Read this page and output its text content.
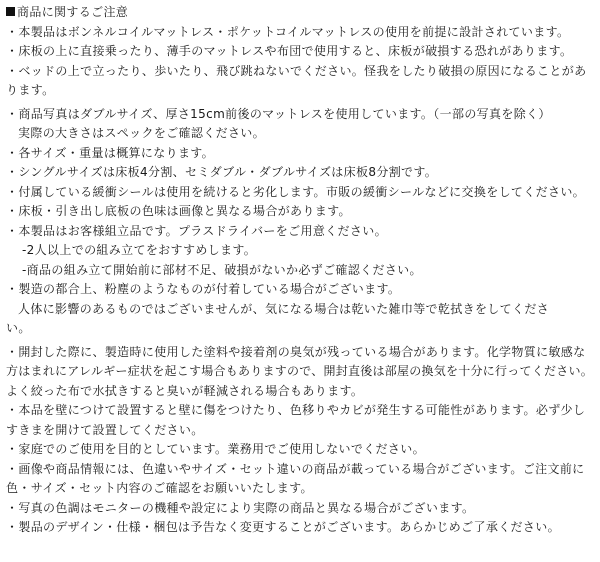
商品に関するご注意
・本製品はボンネルコイルマットレス・ポケットコイルマットレスの使用を前提に設計されています。
・床板の上に直接乗ったり、薄手のマットレスや布団で使用すると、床板が破損する恐れがあります。
・ベッドの上で立ったり、歩いたり、飛び跳ねないでください。怪我をしたり破損の原因になることがあ
ります。
・商品写真はダブルサイズ、厚さ15cm前後のマットレスを使用しています。（一部の写真を除く）
実際の大きさはスペックをご確認ください。
・各サイズ・重量は概算になります。
・シングルサイズは床板4分割、セミダブル・ダブルサイズは床板8分割です。
・付属している緩衝シールは使用を続けると劣化します。市販の緩衝シールなどに交換をしてください。
・床板・引き出し底板の色味は画像と異なる場合があります。
・本製品はお客様組立品です。プラスドライバーをご用意ください。
-2人以上での組み立てをおすすめします。
-商品の組み立て開始前に部材不足、破損がないか必ずご確認ください。
・製造の都合上、粉塵のようなものが付着している場合がございます。
人体に影響のあるものではございませんが、気になる場合は乾いた雑巾等で乾拭きをしてくださ
い。
・開封した際に、製造時に使用した塗料や接着剤の臭気が残っている場合があります。化学物質に敏感な
方はまれにアレルギー症状を起こす場合もありますので、開封直後は部屋の換気を十分に行ってください。
よく絞った布で水拭きすると臭いが軽減される場合もあります。
・本品を壁につけて設置すると壁に傷をつけたり、色移りやカビが発生する可能性があります。必ず少し
すきまを開けて設置してください。
・家庭でのご使用を目的としています。業務用でご使用しないでください。
・画像や商品情報には、色違いやサイズ・セット違いの商品が載っている場合がございます。ご注文前に
色・サイズ・セット内容のご確認をお願いいたします。
・写真の色調はモニターの機種や設定により実際の商品と異なる場合がございます。
・製品のデザイン・仕様・梱包は予告なく変更することがございます。あらかじめご了承ください。
